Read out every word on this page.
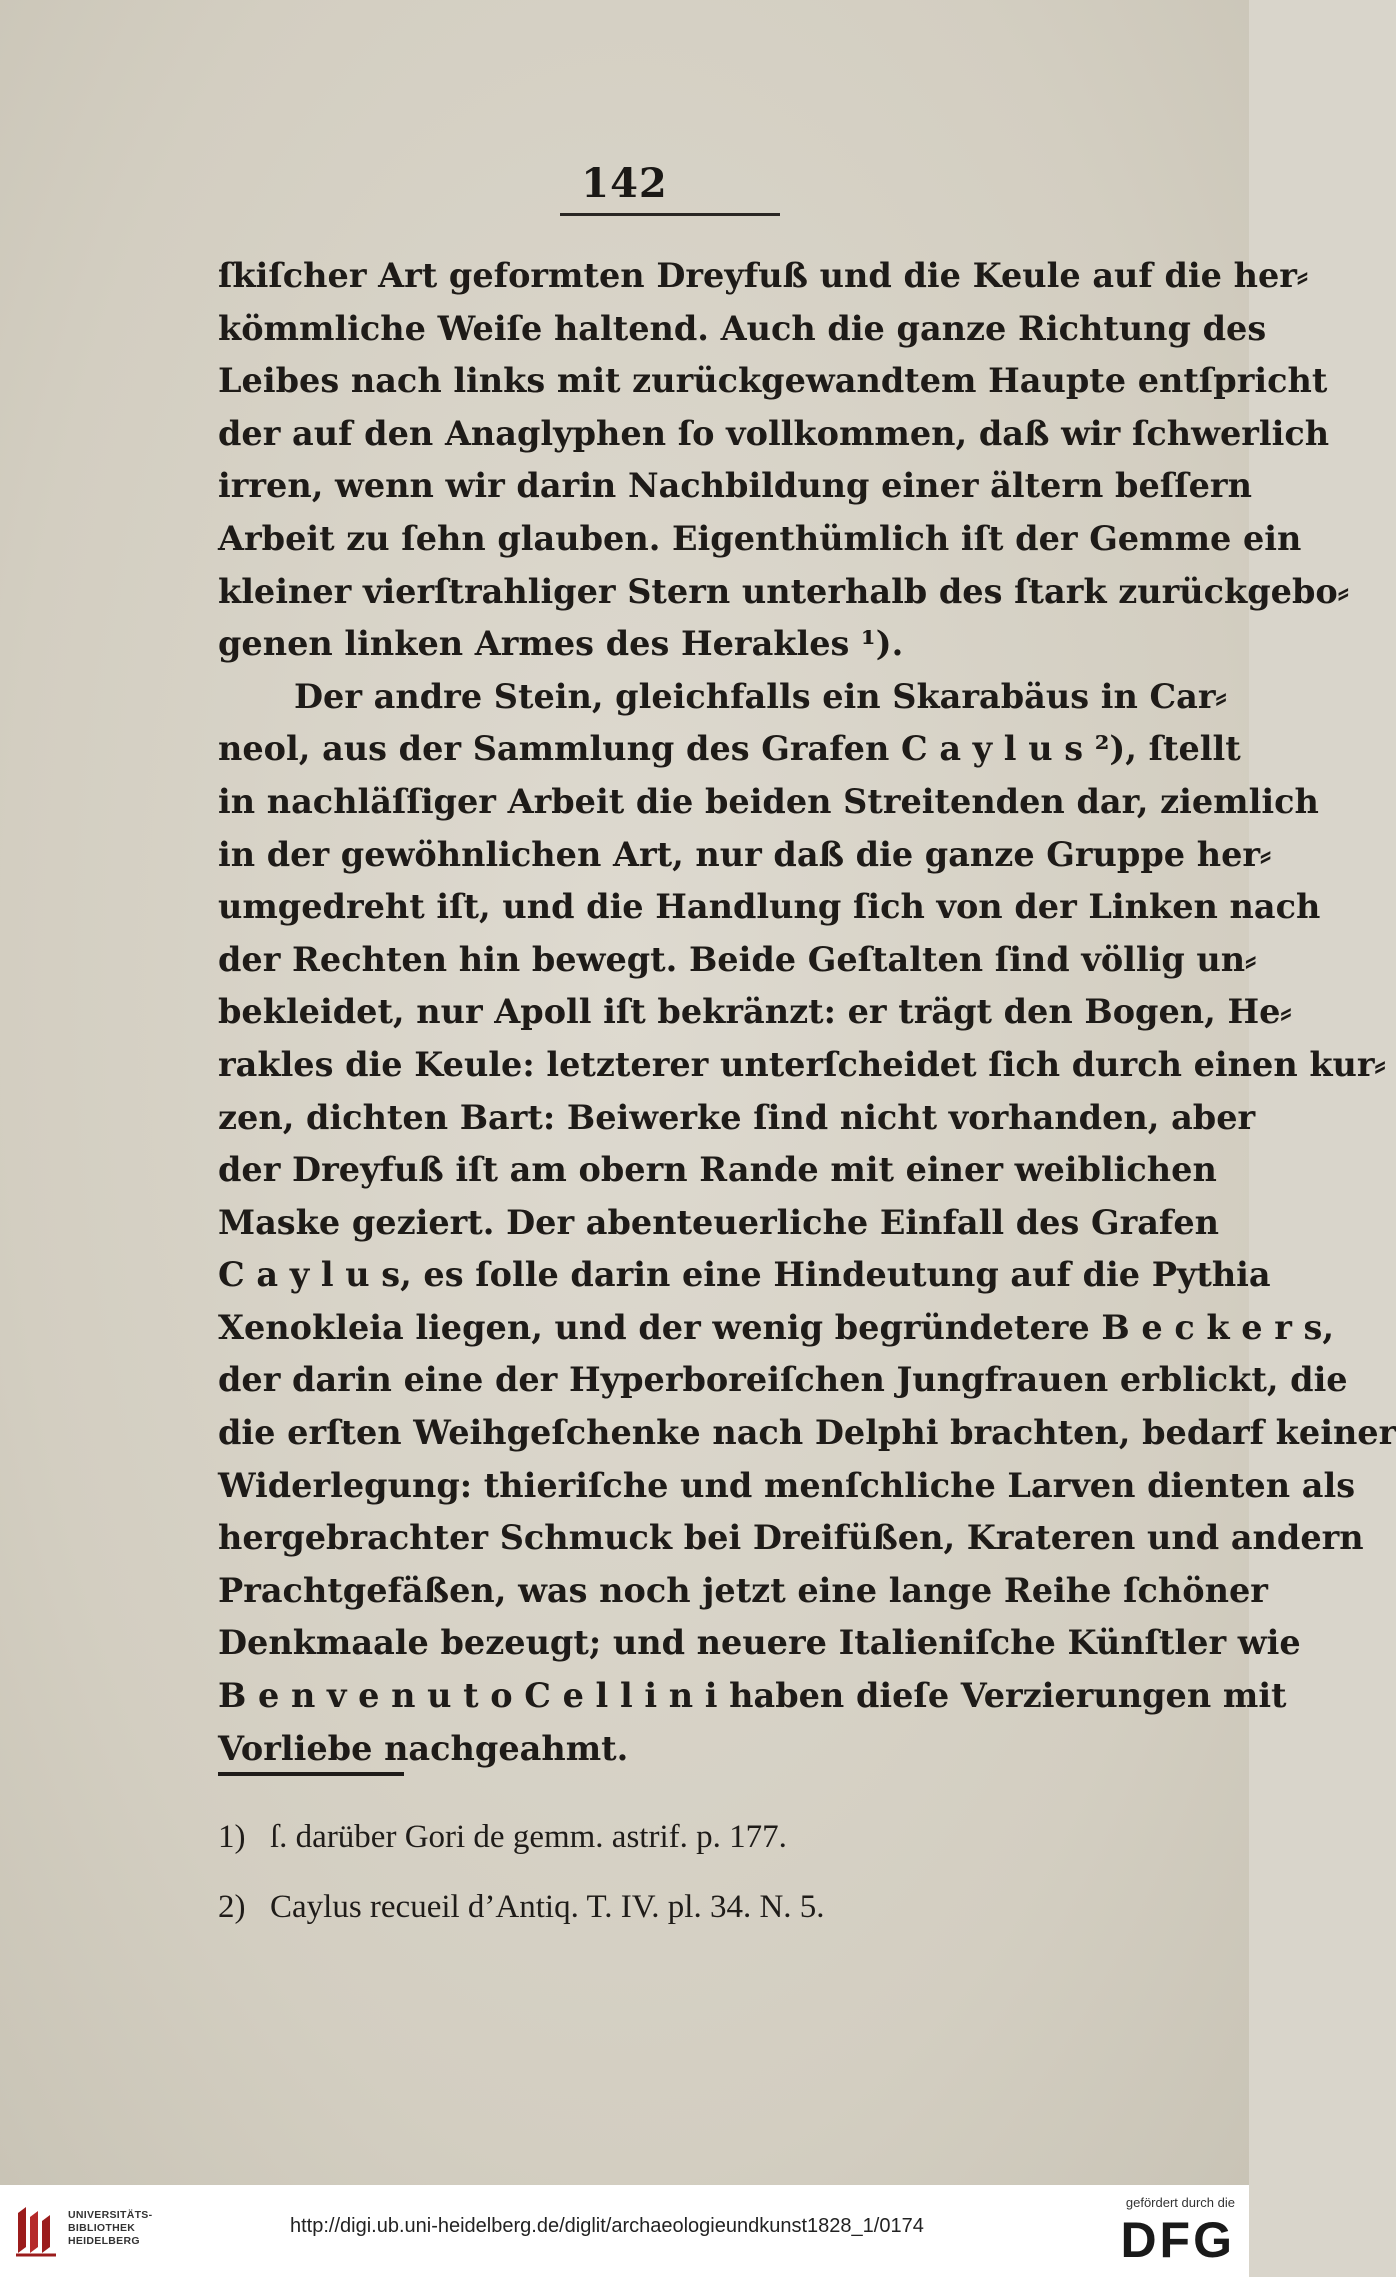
142
ſkiſcher Art geformten Dreyfuß und die Keule auf die her⸗
kömmliche Weiſe haltend. Auch die ganze Richtung des
Leibes nach links mit zurückgewandtem Haupte entſpricht
der auf den Anaglyphen ſo vollkommen, daß wir ſchwerlich
irren, wenn wir darin Nachbildung einer ältern beſſern
Arbeit zu ſehn glauben. Eigenthümlich iſt der Gemme ein
kleiner vierſtrahliger Stern unterhalb des ſtark zurückgebo⸗
genen linken Armes des Herakles ¹).
Der andre Stein, gleichfalls ein Skarabäus in Car⸗
neol, aus der Sammlung des Grafen C a y l u s ²), ſtellt
in nachläſſiger Arbeit die beiden Streitenden dar, ziemlich
in der gewöhnlichen Art, nur daß die ganze Gruppe her⸗
umgedreht iſt, und die Handlung ſich von der Linken nach
der Rechten hin bewegt. Beide Geſtalten ſind völlig un⸗
bekleidet, nur Apoll iſt bekränzt: er trägt den Bogen, He⸗
rakles die Keule: letzterer unterſcheidet ſich durch einen kur⸗
zen, dichten Bart: Beiwerke ſind nicht vorhanden, aber
der Dreyfuß iſt am obern Rande mit einer weiblichen
Maske geziert. Der abenteuerliche Einfall des Grafen
C a y l u s, es ſolle darin eine Hindeutung auf die Pythia
Xenokleia liegen, und der wenig begründetere B e c k e r s,
der darin eine der Hyperboreiſchen Jungfrauen erblickt, die
die erſten Weihgeſchenke nach Delphi brachten, bedarf keiner
Widerlegung: thieriſche und menſchliche Larven dienten als
hergebrachter Schmuck bei Dreifüßen, Krateren und andern
Prachtgefäßen, was noch jetzt eine lange Reihe ſchöner
Denkmaale bezeugt; und neuere Italieniſche Künſtler wie
B e n v e n u t o C e l l i n i haben dieſe Verzierungen mit
Vorliebe nachgeahmt.
1) ſ. darüber Gori de gemm. astrif. p. 177.
2) Caylus recueil d’Antiq. T. IV. pl. 34. N. 5.
UNIVERSITÄTS-
BIBLIOTHEK
HEIDELBERG
http://digi.ub.uni-heidelberg.de/diglit/archaeologieundkunst1828_1/0174
gefördert durch die
DFG
